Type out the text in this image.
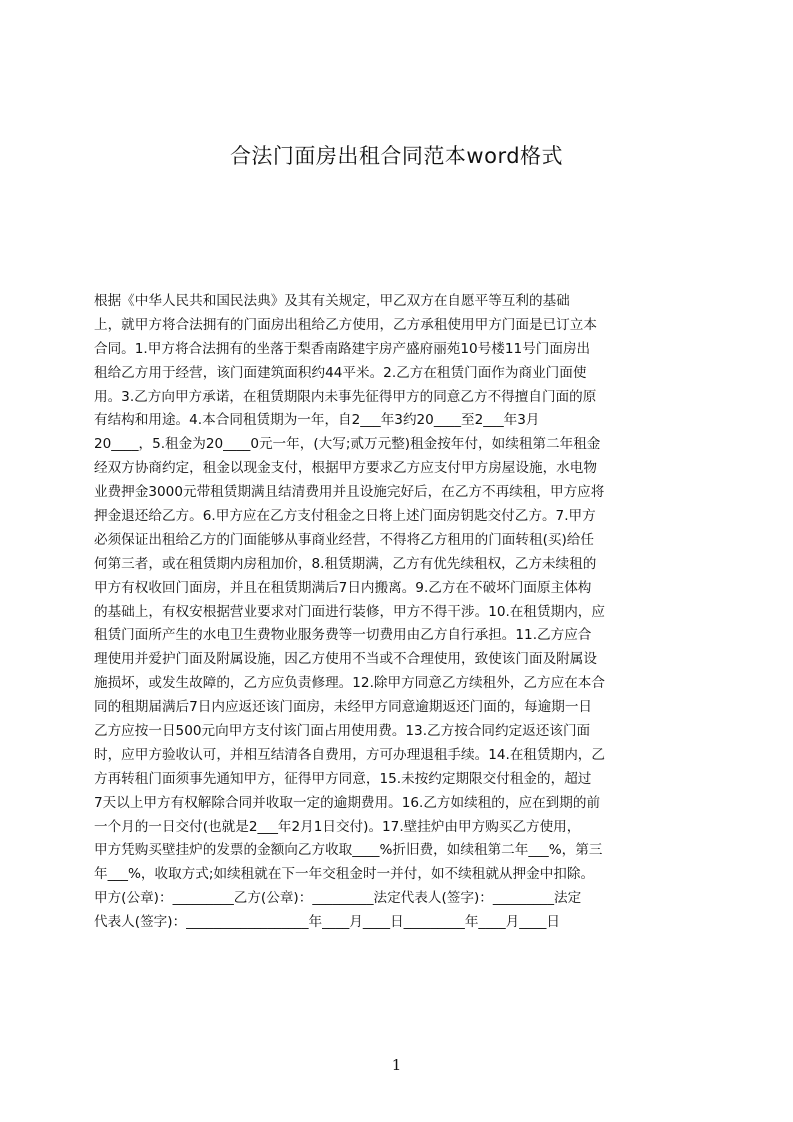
合法门面房出租合同范本word格式
根据《中华人民共和国民法典》及其有关规定，甲乙双方在自愿平等互利的基础
上，就甲方将合法拥有的门面房出租给乙方使用，乙方承租使用甲方门面是已订立本
合同。1.甲方将合法拥有的坐落于梨香南路建宇房产盛府丽苑10号楼11号门面房出
租给乙方用于经营，该门面建筑面积约44平米。2.乙方在租赁门面作为商业门面使
用。3.乙方向甲方承诺，在租赁期限内未事先征得甲方的同意乙方不得擅自门面的原
有结构和用途。4.本合同租赁期为一年，自2___年3约20____至2___年3月
20____，5.租金为20____0元一年，(大写;贰万元整)租金按年付，如续租第二年租金
经双方协商约定，租金以现金支付，根据甲方要求乙方应支付甲方房屋设施，水电物
业费押金3000元带租赁期满且结清费用并且设施完好后，在乙方不再续租，甲方应将
押金退还给乙方。6.甲方应在乙方支付租金之日将上述门面房钥匙交付乙方。7.甲方
必须保证出租给乙方的门面能够从事商业经营，不得将乙方租用的门面转租(买)给任
何第三者，或在租赁期内房租加价，8.租赁期满，乙方有优先续租权，乙方未续租的
甲方有权收回门面房，并且在租赁期满后7日内搬离。9.乙方在不破坏门面原主体构
的基础上，有权安根据营业要求对门面进行装修，甲方不得干涉。10.在租赁期内，应
租赁门面所产生的水电卫生费物业服务费等一切费用由乙方自行承担。11.乙方应合
理使用并爱护门面及附属设施，因乙方使用不当或不合理使用，致使该门面及附属设
施损坏，或发生故障的，乙方应负责修理。12.除甲方同意乙方续租外，乙方应在本合
同的租期届满后7日内应返还该门面房，未经甲方同意逾期返还门面的，每逾期一日
乙方应按一日500元向甲方支付该门面占用使用费。13.乙方按合同约定返还该门面
时，应甲方验收认可，并相互结清各自费用，方可办理退租手续。14.在租赁期内，乙
方再转租门面须事先通知甲方，征得甲方同意，15.未按约定期限交付租金的，超过
7天以上甲方有权解除合同并收取一定的逾期费用。16.乙方如续租的，应在到期的前
一个月的一日交付(也就是2___年2月1日交付)。17.壁挂炉由甲方购买乙方使用，
甲方凭购买壁挂炉的发票的金额向乙方收取____%折旧费，如续租第二年___%，第三
年___%，收取方式;如续租就在下一年交租金时一并付，如不续租就从押金中扣除。
甲方(公章)：_________乙方(公章)：_________法定代表人(签字)：_________法定
代表人(签字)：__________________年____月____日_________年____月____日
1
